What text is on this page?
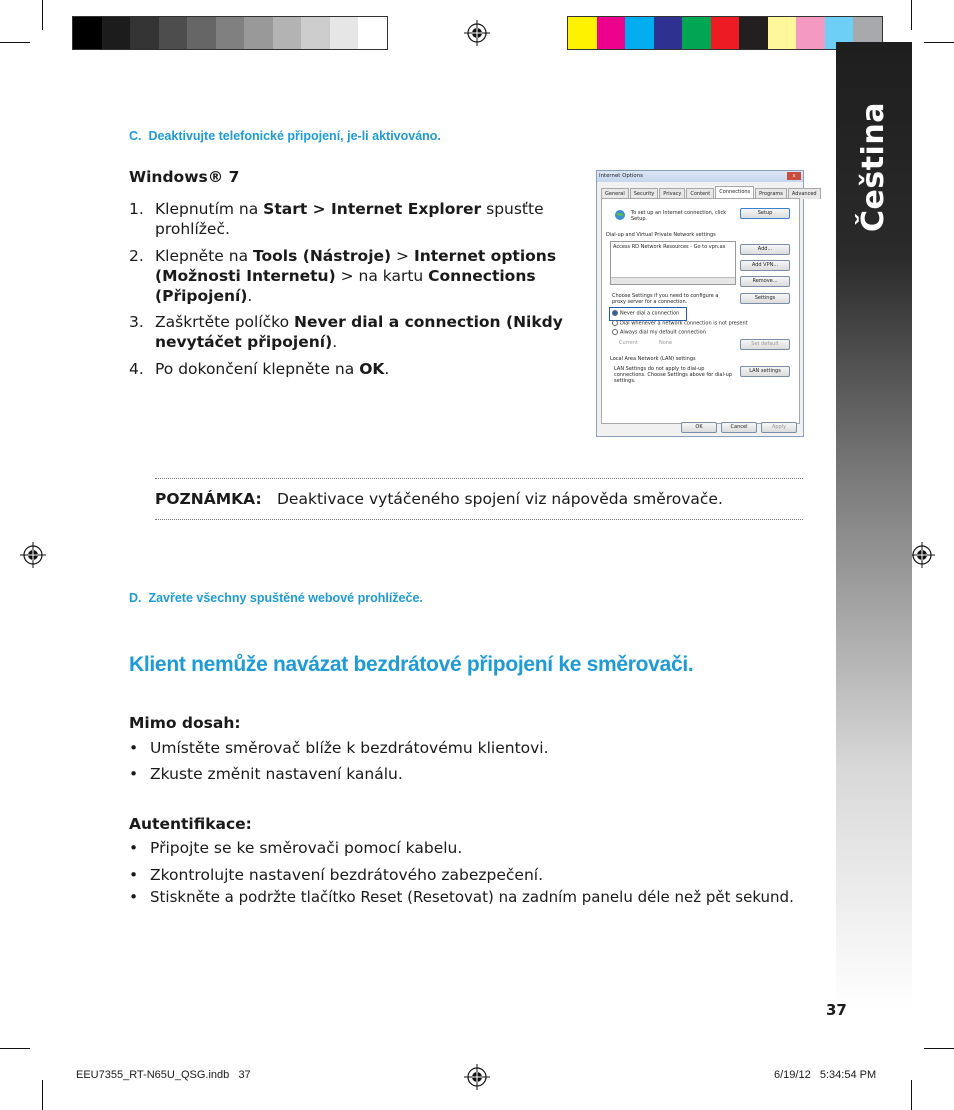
Čeština
C. Deaktivujte telefonické připojení, je-li aktivováno.
Windows® 7
1. Klepnutím na Start > Internet Explorer spusťte
prohlížeč.
2. Klepněte na Tools (Nástroje) > Internet options
(Možnosti Internetu) > na kartu Connections
(Připojení).
3. Zaškrtěte políčko Never dial a connection (Nikdy
nevytáčet připojení).
4. Po dokončení klepněte na OK.
Internet Options	x
General	Security	Privacy	Content	Connections	Programs	Advanced
To set up an Internet connection, click Setup.
Setup
Dial-up and Virtual Private Network settings
Access RD Network Resources - Go to vpn.as	Add...
Add VPN...
Remove...
Choose Settings if you need to configure a proxy server for a connection.
Settings
Never dial a connection
Dial whenever a network connection is not present
Always dial my default connection
Current	None	Set default
Local Area Network (LAN) settings
LAN Settings do not apply to dial-up connections. Choose Settings above for dial-up settings.
LAN settings
OK	Cancel	Apply
POZNÁMKA: Deaktivace vytáčeného spojení viz nápověda směrovače.
D. Zavřete všechny spuštěné webové prohlížeče.
Klient nemůže navázat bezdrátové připojení ke směrovači.
Mimo dosah:
• Umístěte směrovač blíže k bezdrátovému klientovi.
• Zkuste změnit nastavení kanálu.
Autentifikace:
• Připojte se ke směrovači pomocí kabelu.
• Zkontrolujte nastavení bezdrátového zabezpečení.
• Stiskněte a podržte tlačítko Reset (Resetovat) na zadním panelu déle než pět sekund.
37
EEU7355_RT-N65U_QSG.indb   37	6/19/12   5:34:54 PM
